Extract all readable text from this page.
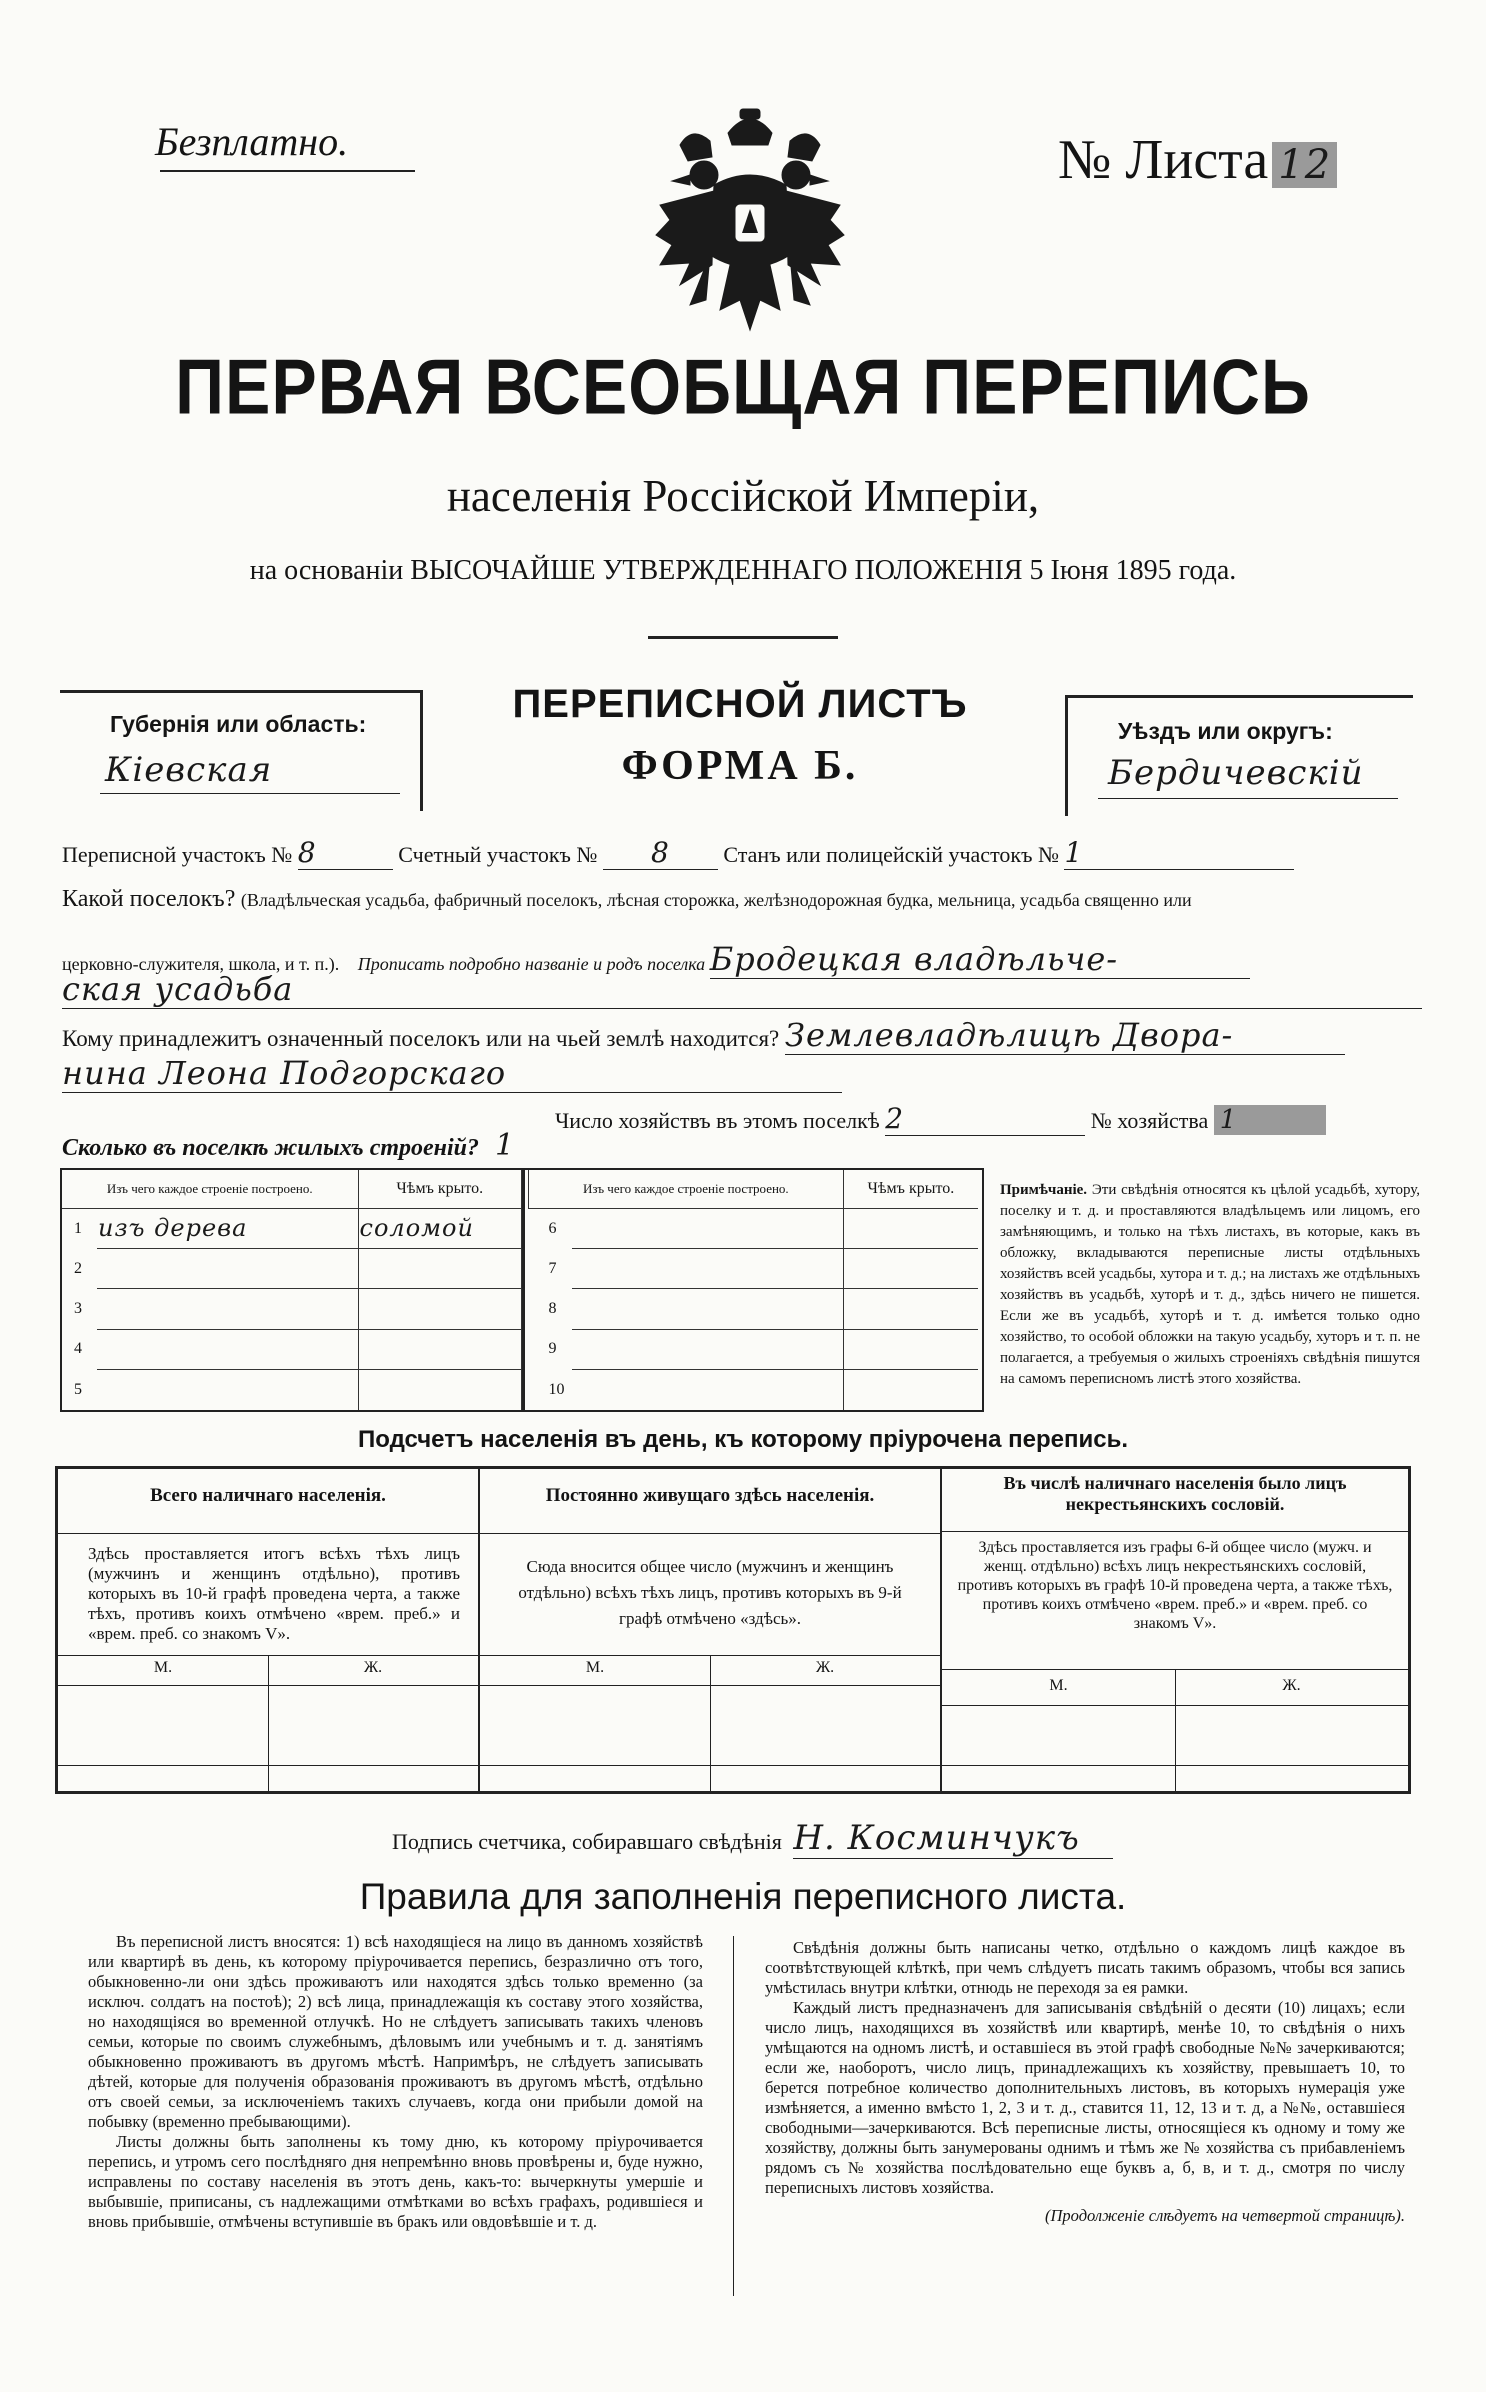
Безплатно.	№ Листа 12
ПЕРВАЯ ВСЕОБЩАЯ ПЕРЕПИСЬ
населенія Россійской Имперіи,
на основаніи ВЫСОЧАЙШЕ УТВЕРЖДЕННАГО ПОЛОЖЕНІЯ 5 Іюня 1895 года.
Губернія или область:
Кіевская
ПЕРЕПИСНОЙ ЛИСТЪ
ФОРМА Б.
Уѣздъ или округъ:
Бердичевскій
Переписной участокъ № 8	Счетный участокъ № 8 Станъ или полицейскій участокъ № 1
Какой поселокъ? (Владѣльческая усадьба, фабричный поселокъ, лѣсная сторожка, желѣзнодорожная будка, мельница, усадьба священно или
церковно-служителя, школа, и т. п.). Прописать подробно названіе и родъ поселка Бродецкая владѣльче-
ская усадьба
Кому принадлежитъ означенный поселокъ или на чьей землѣ находится? Землевладѣлицѣ Двора-
нина Леона Подгорскаго
Число хозяйствъ въ этомъ поселкѣ 2	№ хозяйства 1
Сколько въ поселкѣ жилыхъ строеній? 1
Изъ чего каждое строеніе построено.		Чѣмъ крыто.
1	изъ дерева	соломой
2		
3		
4		
5		
Изъ чего каждое строеніе построено.		Чѣмъ крыто.
6		
7		
8		
9		
10		
Примѣчаніе. Эти свѣдѣнія относятся къ цѣлой усадьбѣ, хутору, поселку и т. д. и проставляются владѣльцемъ или лицомъ, его замѣняющимъ, и только на тѣхъ листахъ, въ которые, какъ въ обложку, вкладываются переписные листы отдѣльныхъ хозяйствъ всей усадьбы, хутора и т. д.; на листахъ же отдѣльныхъ хозяйствъ въ усадьбѣ, хуторѣ и т. д., здѣсь ничего не пишется. Если же въ усадьбѣ, хуторѣ и т. д. имѣется только одно хозяйство, то особой обложки на такую усадьбу, хуторъ и т. п. не полагается, а требуемыя о жилыхъ строеніяхъ свѣдѣнія пишутся на самомъ переписномъ листѣ этого хозяйства.
Подсчетъ населенія въ день, къ которому пріурочена перепись.
Всего наличнаго населенія.
Здѣсь проставляется итогъ всѣхъ тѣхъ лицъ (мужчинъ и женщинъ отдѣльно), противъ которыхъ въ 10-й графѣ проведена черта, а также тѣхъ, противъ коихъ отмѣчено «врем. преб.» и «врем. преб. со знакомъ V».
М.	Ж.
Постоянно живущаго здѣсь населенія.
Сюда вносится общее число (мужчинъ и женщинъ отдѣльно) всѣхъ тѣхъ лицъ, противъ которыхъ въ 9-й графѣ отмѣчено «здѣсь».
М.	Ж.
Въ числѣ наличнаго населенія было лицъ некрестьянскихъ сословій.
Здѣсь проставляется изъ графы 6-й общее число (мужч. и женщ. отдѣльно) всѣхъ лицъ некрестьянскихъ сословій, противъ которыхъ въ графѣ 10-й проведена черта, а также тѣхъ, противъ коихъ отмѣчено «врем. преб.» и «врем. преб. со знакомъ V».
М.	Ж.
Подпись счетчика, собиравшаго свѣдѣнія Н. Косминчукъ
Правила для заполненія переписного листа.

Въ переписной листъ вносятся: 1) всѣ находящіеся на лицо въ данномъ хозяйствѣ или квартирѣ въ день, къ которому пріурочивается перепись, безразлично отъ того, обыкновенно-ли они здѣсь проживаютъ или находятся здѣсь только временно (за исключ. солдатъ на постоѣ); 2) всѣ лица, принадлежащія къ составу этого хозяйства, но находящіяся во временной отлучкѣ. Но не слѣдуетъ записывать такихъ членовъ семьи, которые по своимъ служебнымъ, дѣловымъ или учебнымъ и т. д. занятіямъ обыкновенно проживаютъ въ другомъ мѣстѣ. Напримѣръ, не слѣдуетъ записывать дѣтей, которые для полученія образованія проживаютъ въ другомъ мѣстѣ, отдѣльно отъ своей семьи, за исключеніемъ такихъ случаевъ, когда они прибыли домой на побывку (временно пребывающими).

Листы должны быть заполнены къ тому дню, къ которому пріурочивается перепись, и утромъ сего послѣдняго дня непремѣнно вновь провѣрены и, буде нужно, исправлены по составу населенія въ этотъ день, какъ-то: вычеркнуты умершіе и выбывшіе, приписаны, съ надлежащими отмѣтками во всѣхъ графахъ, родившіеся и вновь прибывшіе, отмѣчены вступившіе въ бракъ или овдовѣвшіе и т. д.

Свѣдѣнія должны быть написаны четко, отдѣльно о каждомъ лицѣ каждое въ соотвѣтствующей клѣткѣ, при чемъ слѣдуетъ писать такимъ образомъ, чтобы вся запись умѣстилась внутри клѣтки, отнюдь не переходя за ея рамки.

Каждый листъ предназначенъ для записыванія свѣдѣній о десяти (10) лицахъ; если число лицъ, находящихся въ хозяйствѣ или квартирѣ, менѣе 10, то свѣдѣнія о нихъ умѣщаются на одномъ листѣ, и оставшіеся въ этой графѣ свободные №№ зачеркиваются; если же, наоборотъ, число лицъ, принадлежащихъ къ хозяйству, превышаетъ 10, то берется потребное количество дополнительныхъ листовъ, въ которыхъ нумерація уже измѣняется, а именно вмѣсто 1, 2, 3 и т. д., ставится 11, 12, 13 и т. д, а №№, оставшіеся свободными—зачеркиваются. Всѣ переписные листы, относящіеся къ одному и тому же хозяйству, должны быть занумерованы однимъ и тѣмъ же № хозяйства съ прибавленіемъ рядомъ съ № хозяйства послѣдовательно еще буквъ а, б, в, и т. д., смотря по числу переписныхъ листовъ хозяйства.

(Продолженіе слѣдуетъ на четвертой страницѣ).
